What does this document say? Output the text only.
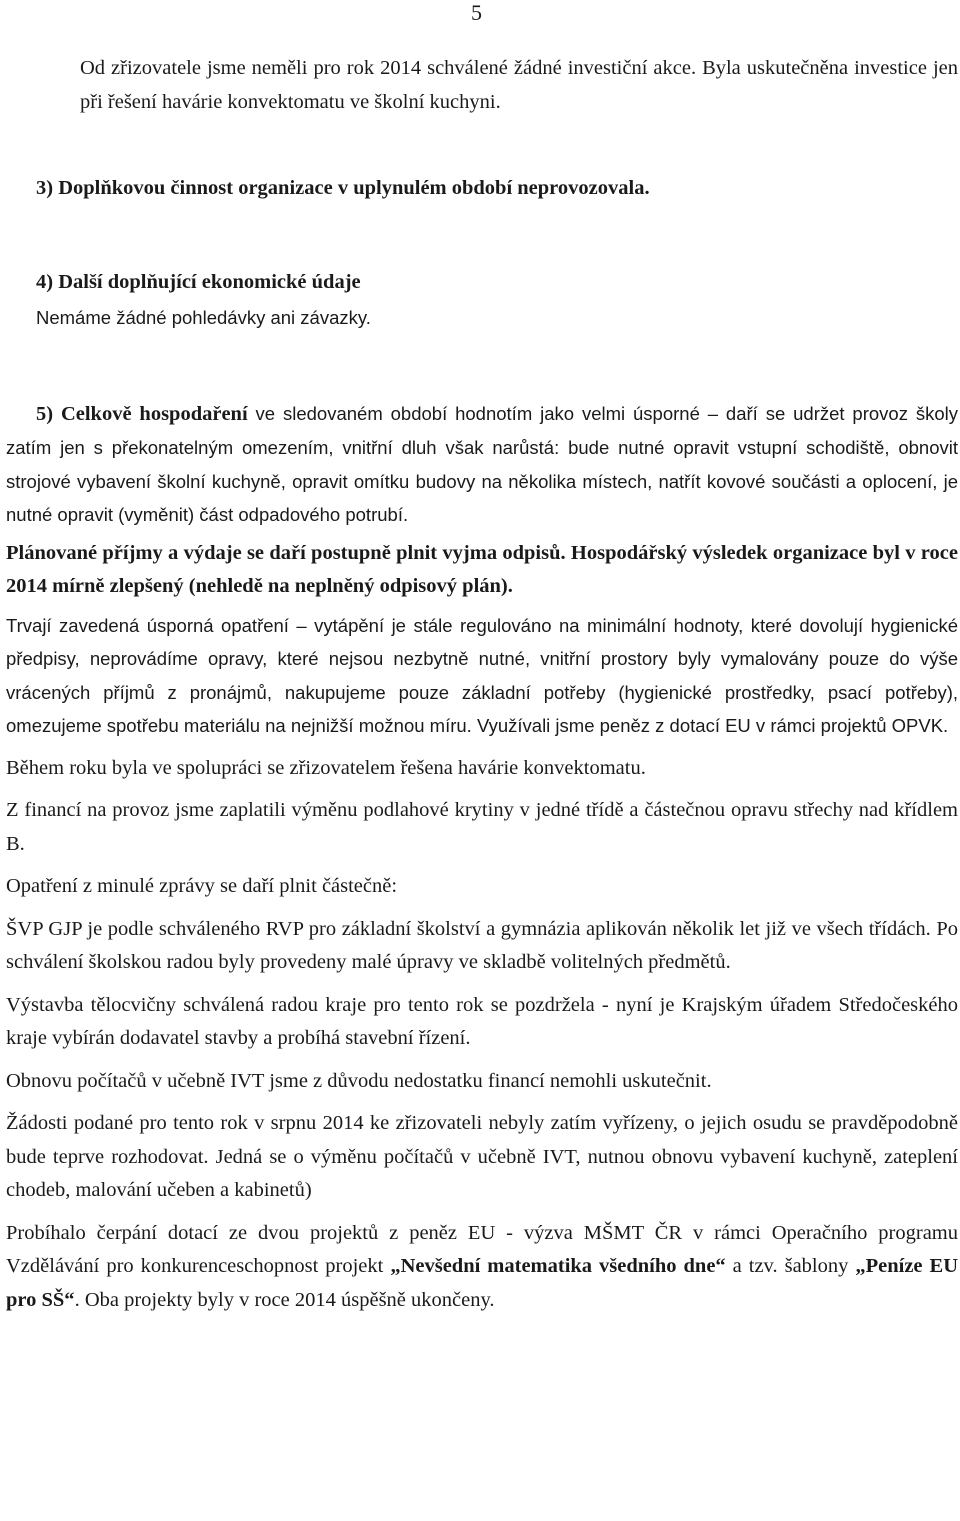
5

Od zřizovatele jsme neměli pro rok 2014 schválené žádné investiční akce. Byla uskutečněna investice jen při řešení havárie konvektomatu ve školní kuchyni.

3) Doplňkovou činnost organizace v uplynulém období neprovozovala.

4) Další doplňující ekonomické údaje

Nemáme žádné pohledávky ani závazky.

5) Celkově hospodaření ve sledovaném období hodnotím jako velmi úsporné – daří se udržet provoz školy zatím jen s překonatelným omezením, vnitřní dluh však narůstá: bude nutné opravit vstupní schodiště, obnovit strojové vybavení školní kuchyně, opravit omítku budovy na několika místech, natřít kovové součásti a oplocení, je nutné opravit (vyměnit) část odpadového potrubí.

Plánované příjmy a výdaje se daří postupně plnit vyjma odpisů. Hospodářský výsledek organizace byl v roce 2014 mírně zlepšený (nehledě na neplněný odpisový plán).

Trvají zavedená úsporná opatření – vytápění je stále regulováno na minimální hodnoty, které dovolují hygienické předpisy, neprovádíme opravy, které nejsou nezbytně nutné, vnitřní prostory byly vymalovány pouze do výše vrácených příjmů z pronájmů, nakupujeme pouze základní potřeby (hygienické prostředky, psací potřeby), omezujeme spotřebu materiálu na nejnižší možnou míru. Využívali jsme peněz z dotací EU v rámci projektů OPVK.

Během roku byla ve spolupráci se zřizovatelem řešena havárie konvektomatu.

Z financí na provoz jsme zaplatili výměnu podlahové krytiny v jedné třídě a částečnou opravu střechy nad křídlem B.

Opatření z minulé zprávy se daří plnit částečně:

ŠVP GJP je podle schváleného RVP pro základní školství a gymnázia aplikován několik let již ve všech třídách. Po schválení školskou radou byly provedeny malé úpravy ve skladbě volitelných předmětů.

Výstavba tělocvičny schválená radou kraje pro tento rok se pozdržela - nyní je Krajským úřadem Středočeského kraje vybírán dodavatel stavby a probíhá stavební řízení.

Obnovu počítačů v učebně IVT jsme z důvodu nedostatku financí nemohli uskutečnit.

Žádosti podané pro tento rok v srpnu 2014 ke zřizovateli nebyly zatím vyřízeny, o jejich osudu se pravděpodobně bude teprve rozhodovat. Jedná se o výměnu počítačů v učebně IVT, nutnou obnovu vybavení kuchyně, zateplení chodeb, malování učeben a kabinetů)

Probíhalo čerpání dotací ze dvou projektů z peněz EU - výzva MŠMT ČR v rámci Operačního programu Vzdělávání pro konkurenceschopnost projekt „Nevšední matematika všedního dne“ a tzv. šablony „Peníze EU pro SŠ“. Oba projekty byly v roce 2014 úspěšně ukončeny.
